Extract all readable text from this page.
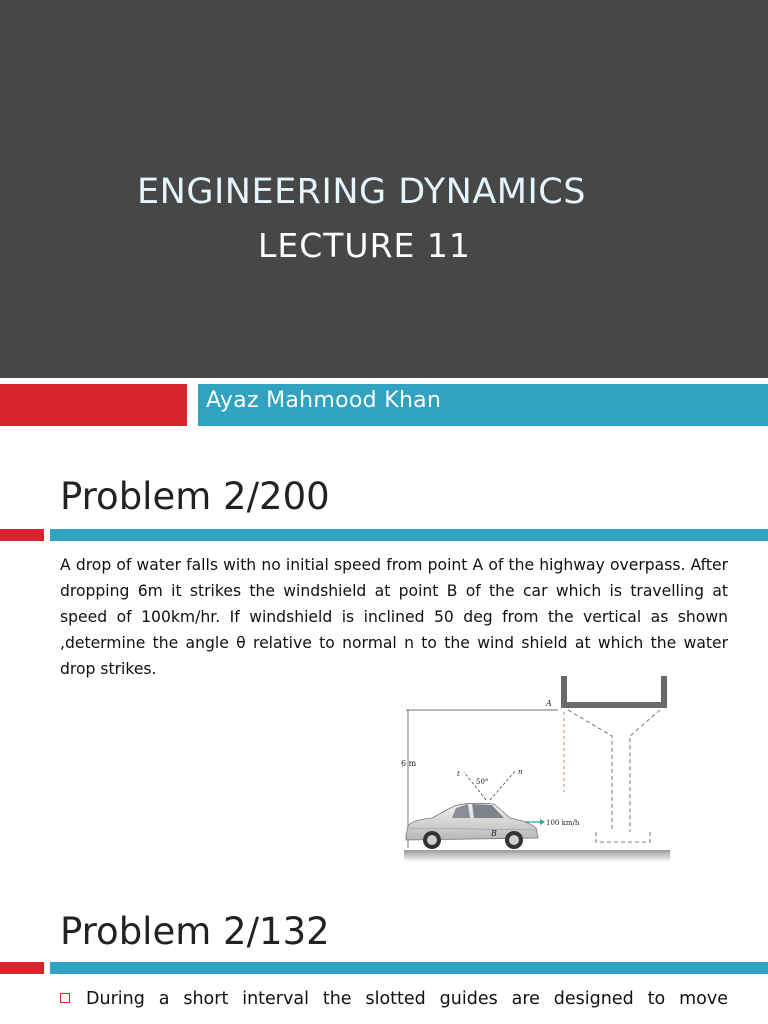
ENGINEERING DYNAMICS
LECTURE 11
Ayaz Mahmood Khan
Problem 2/200

A drop of water falls with no initial speed from point A of the highway overpass. After dropping 6m it strikes the windshield at point B of the car which is travelling at speed of 100km/hr. If windshield is inclined 50 deg from the vertical as shown ,determine the angle θ relative to normal n to the wind shield at which the water drop strikes.

6 m
A
t	n
50°
100 km/h
B
Problem 2/132

During a short interval the slotted guides are designed to move
